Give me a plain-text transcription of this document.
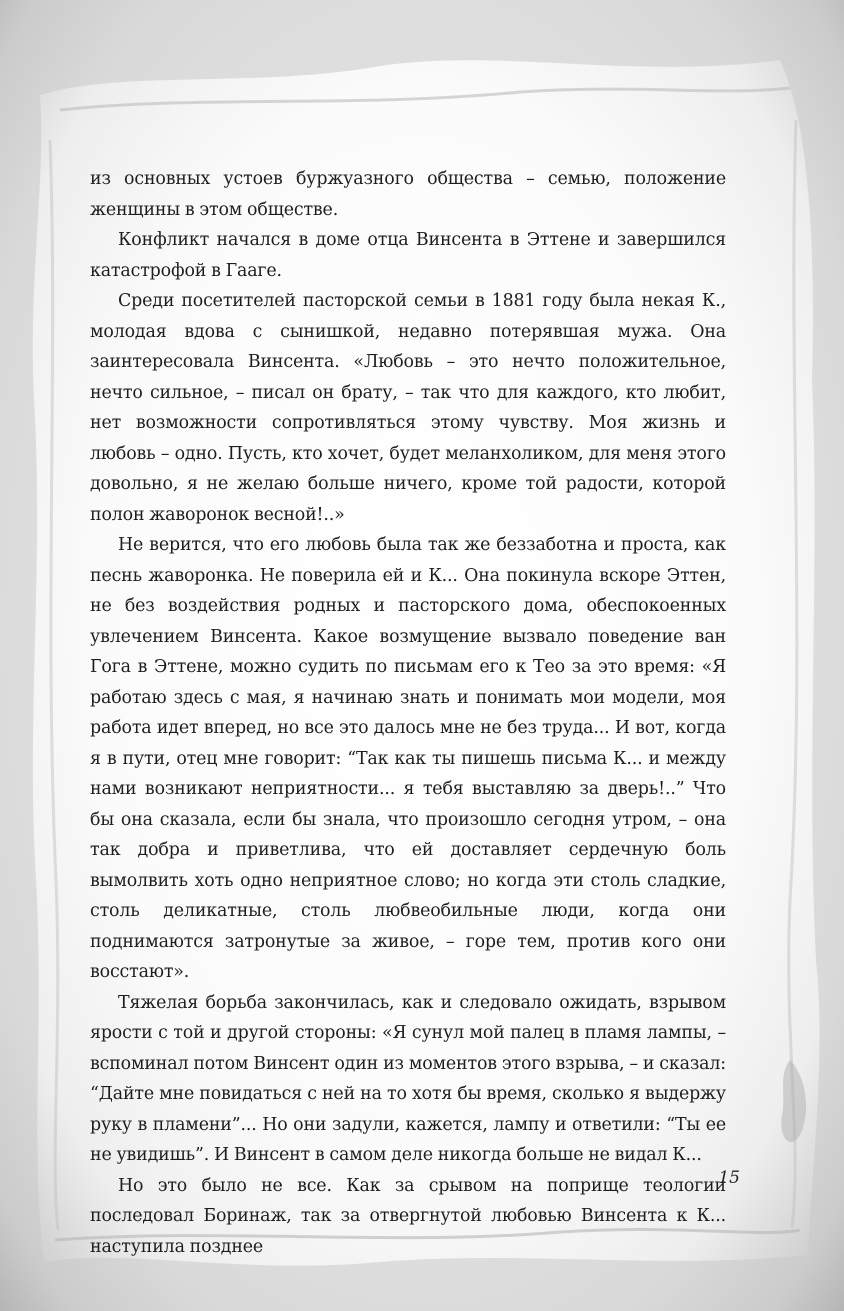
из основных устоев буржуазного общества – семью, положение женщины в этом обществе.

Конфликт начался в доме отца Винсента в Эттене и завершился катастрофой в Гааге.

Среди посетителей пасторской семьи в 1881 году была некая К., молодая вдова с сынишкой, недавно потерявшая мужа. Она заинтересовала Винсента. «Любовь – это нечто положительное, нечто сильное, – писал он брату, – так что для каждого, кто любит, нет возможности сопротивляться этому чувству. Моя жизнь и любовь – одно. Пусть, кто хочет, будет меланхоликом, для меня этого довольно, я не желаю больше ничего, кроме той радости, которой полон жаворонок весной!..»

Не верится, что его любовь была так же беззаботна и проста, как песнь жаворонка. Не поверила ей и К... Она покинула вскоре Эттен, не без воздействия родных и пасторского дома, обеспокоенных увлечением Винсента. Какое возмущение вызвало поведение ван Гога в Эттене, можно судить по письмам его к Тео за это время: «Я работаю здесь с мая, я начинаю знать и понимать мои модели, моя работа идет вперед, но все это далось мне не без труда... И вот, когда я в пути, отец мне говорит: “Так как ты пишешь письма К... и между нами возникают неприятности... я тебя выставляю за дверь!..” Что бы она сказала, если бы знала, что произошло сегодня утром, – она так добра и приветлива, что ей доставляет сердечную боль вымолвить хоть одно неприятное слово; но когда эти столь сладкие, столь деликатные, столь любвеобильные люди, когда они поднимаются затронутые за живое, – горе тем, против кого они восстают».

Тяжелая борьба закончилась, как и следовало ожидать, взрывом ярости с той и другой стороны: «Я сунул мой палец в пламя лампы, – вспоминал потом Винсент один из моментов этого взрыва, – и сказал: “Дайте мне повидаться с ней на то хотя бы время, сколько я выдержу руку в пламени”... Но они задули, кажется, лампу и ответили: “Ты ее не увидишь”. И Винсент в самом деле никогда больше не видал К...

Но это было не все. Как за срывом на поприще теологии последовал Боринаж, так за отвергнутой любовью Винсента к К... наступила позднее

15
